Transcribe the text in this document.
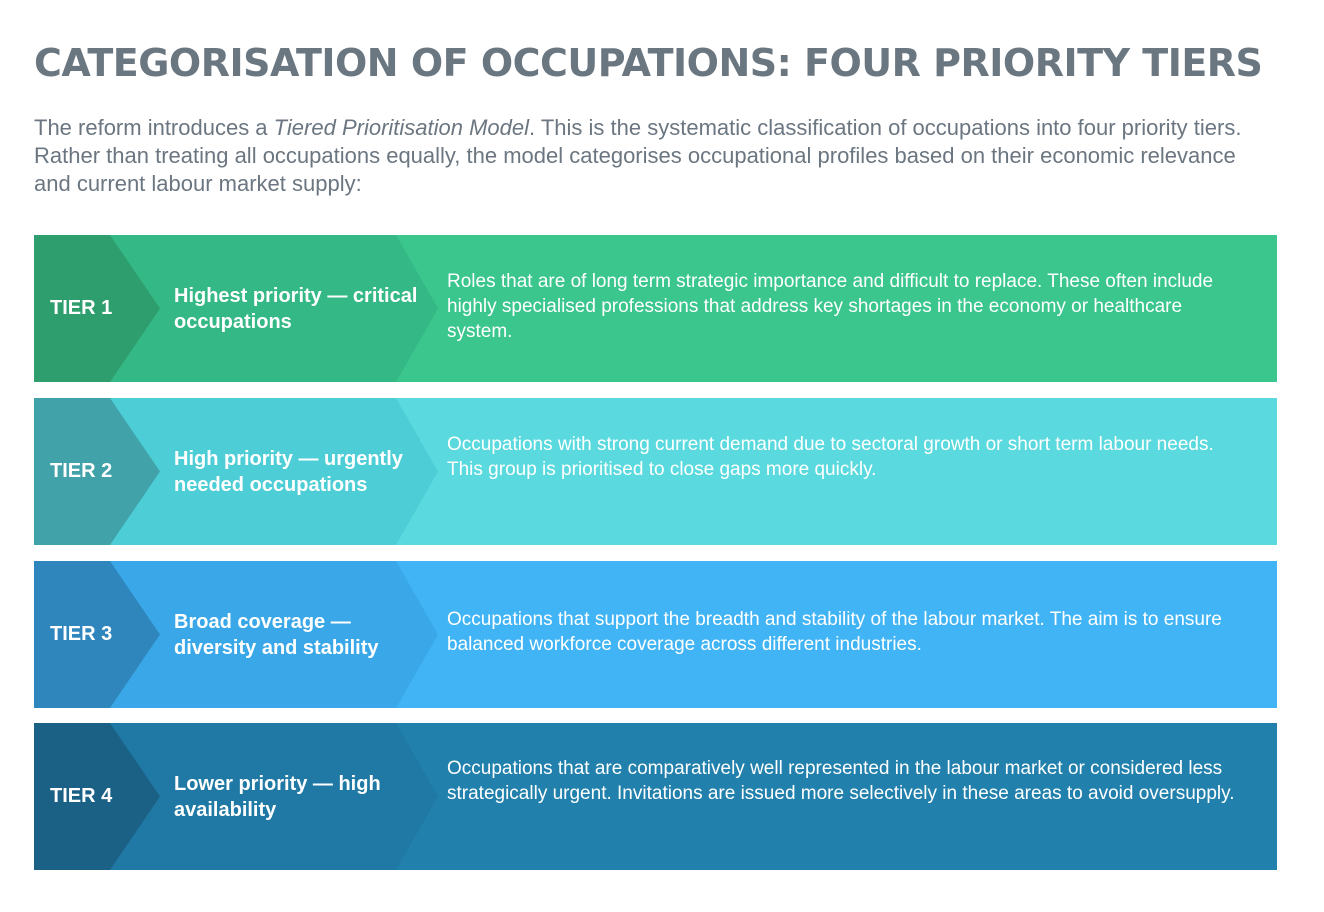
CATEGORISATION OF OCCUPATIONS: FOUR PRIORITY TIERS

The reform introduces a Tiered Prioritisation Model. This is the systematic classification of occupations into four priority tiers. Rather than treating all occupations equally, the model categorises occupational profiles based on their economic relevance and current labour market supply:

TIER 1
Highest priority — critical occupations
Roles that are of long term strategic importance and difficult to replace. These often include highly specialised professions that address key shortages in the economy or healthcare system.
TIER 2
High priority — urgently needed occupations
Occupations with strong current demand due to sectoral growth or short term labour needs. This group is prioritised to close gaps more quickly.
TIER 3
Broad coverage — diversity and stability
Occupations that support the breadth and stability of the labour market. The aim is to ensure balanced workforce coverage across different industries.
TIER 4
Lower priority — high availability
Occupations that are comparatively well represented in the labour market or considered less strategically urgent. Invitations are issued more selectively in these areas to avoid oversupply.
